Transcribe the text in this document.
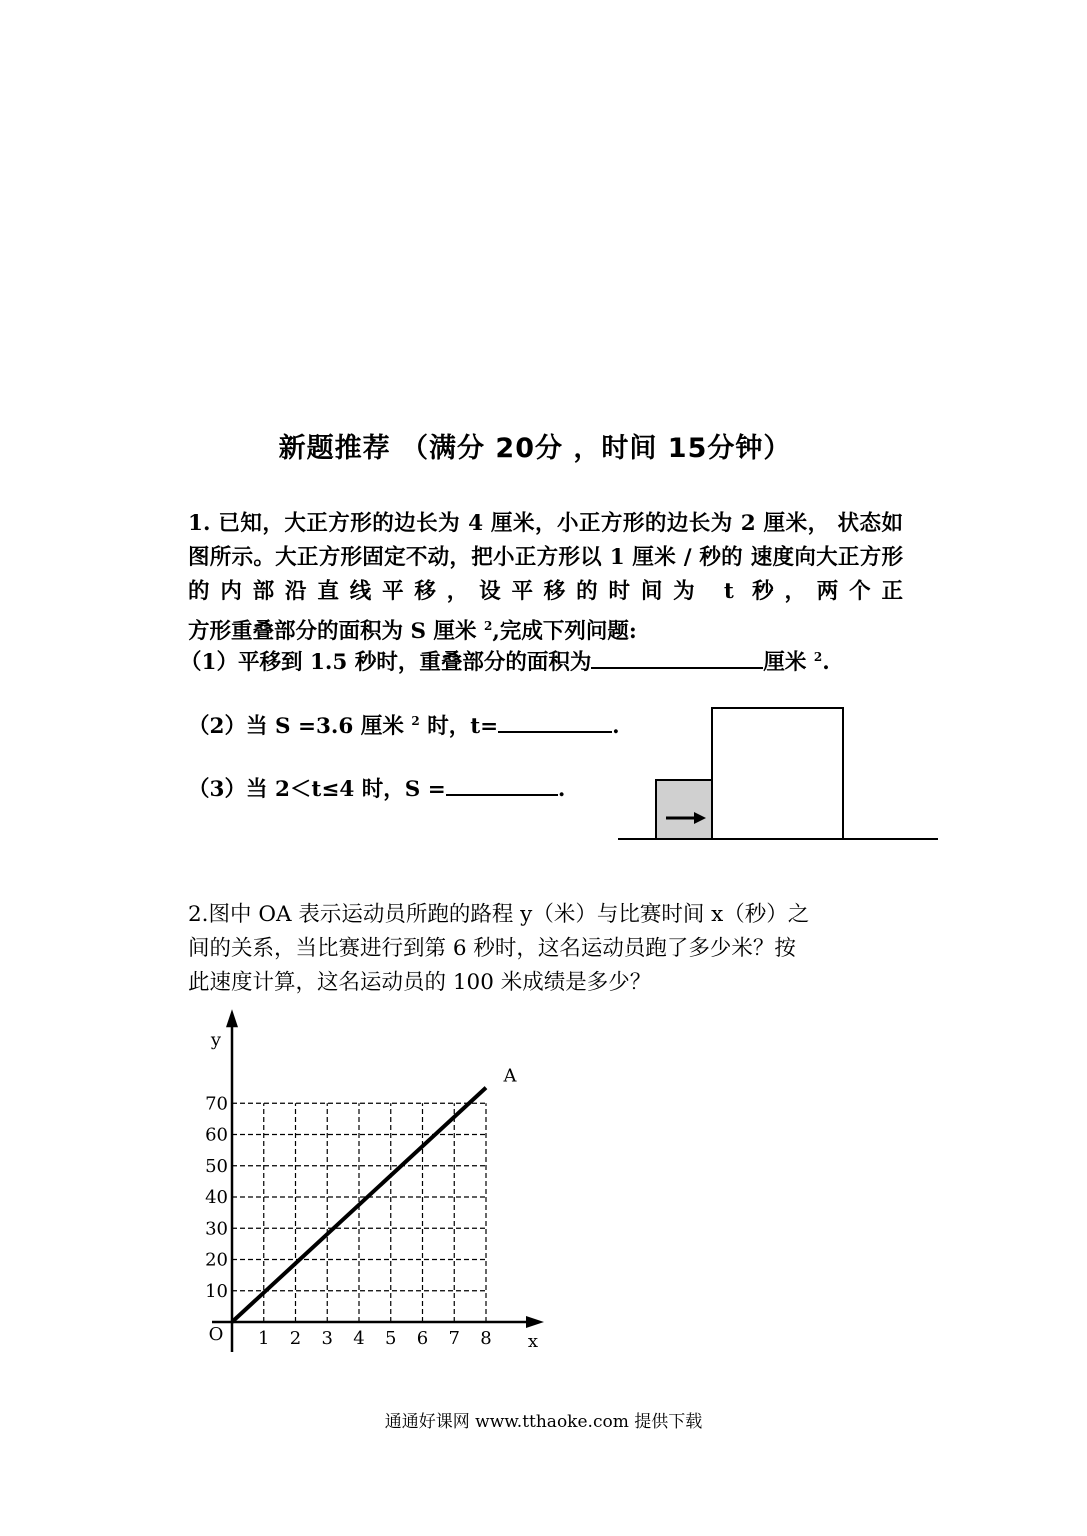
新题推荐 （满分 20分 ，时间 15分钟）
1. 已知，大正方形的边长为 4 厘米，小正方形的边长为 2 厘米， 状态如图所示。大正方形固定不动，把小正方形以 1 厘米 ∕ 秒的 速度向大正方形的内部沿直线平移，设平移的时间为 t 秒，两个正
方形重叠部分的面积为 S 厘米 $^2$,完成下列问题:
（1）平移到 1.5 秒时，重叠部分的面积为	厘米 $^2$.
（2）当 S =3.6 厘米 $^2$ 时，t=	.
（3）当 2＜t≤4 时，S =	.
2.图中 OA 表示运动员所跑的路程 y（米）与比赛时间 x（秒）之
间的关系，当比赛进行到第 6 秒时，这名运动员跑了多少米？按
此速度计算，这名运动员的 100 米成绩是多少？
1 2 3 4 5 6 7 8
10
20
30
40
50
60
70
O	x
y
A
通通好课网 www.tthaoke.com 提供下载
